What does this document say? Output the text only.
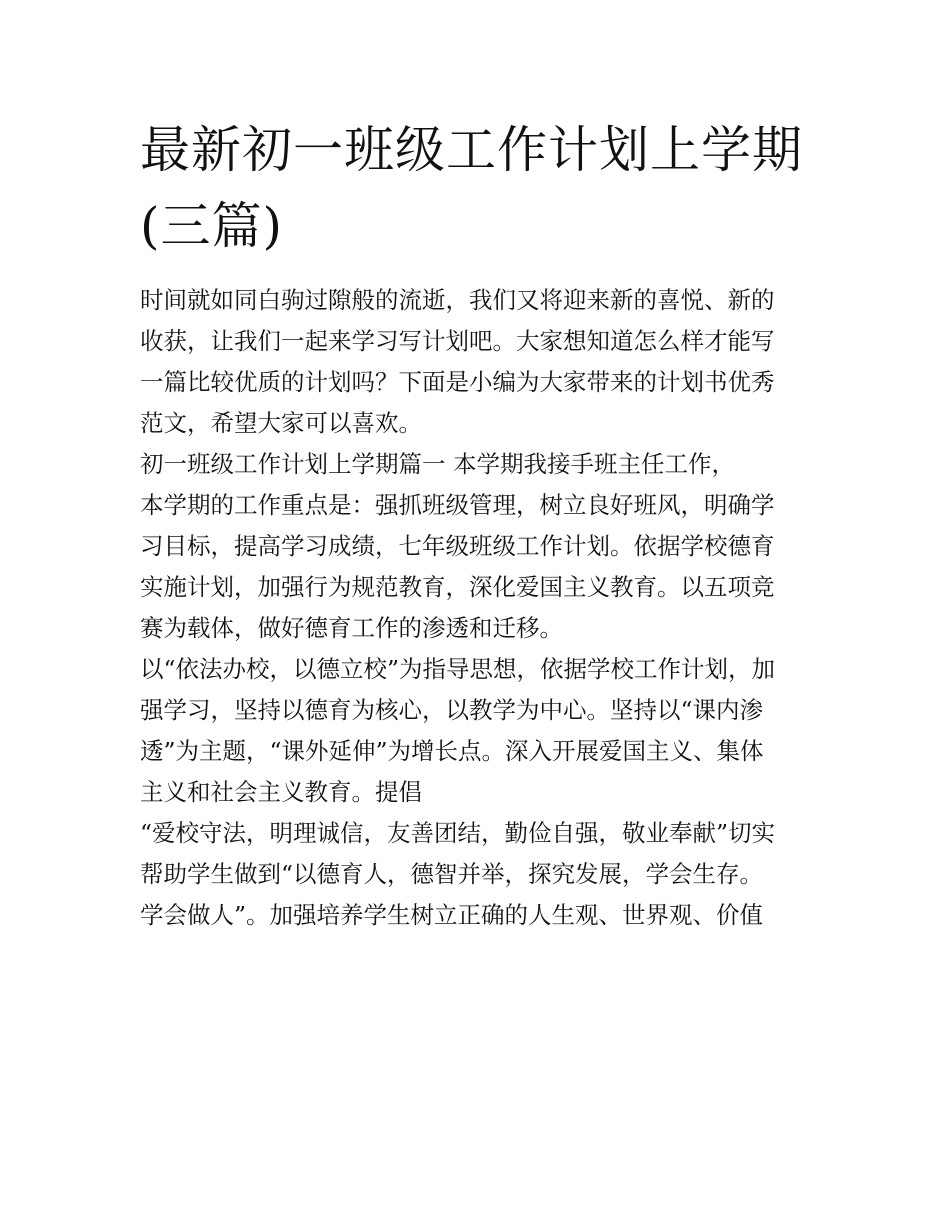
最新初一班级工作计划上学期
(三篇)
时间就如同白驹过隙般的流逝，我们又将迎来新的喜悦、新的
收获，让我们一起来学习写计划吧。大家想知道怎么样才能写
一篇比较优质的计划吗？下面是小编为大家带来的计划书优秀
范文，希望大家可以喜欢。
初一班级工作计划上学期篇一 本学期我接手班主任工作，
本学期的工作重点是：强抓班级管理，树立良好班风，明确学
习目标，提高学习成绩，七年级班级工作计划。依据学校德育
实施计划，加强行为规范教育，深化爱国主义教育。以五项竞
赛为载体，做好德育工作的渗透和迁移。
以“依法办校，以德立校”为指导思想，依据学校工作计划，加
强学习，坚持以德育为核心，以教学为中心。坚持以“课内渗
透”为主题，“课外延伸”为增长点。深入开展爱国主义、集体
主义和社会主义教育。提倡
“爱校守法，明理诚信，友善团结，勤俭自强，敬业奉献”切实
帮助学生做到“以德育人，德智并举，探究发展，学会生存。
学会做人”。加强培养学生树立正确的人生观、世界观、价值
